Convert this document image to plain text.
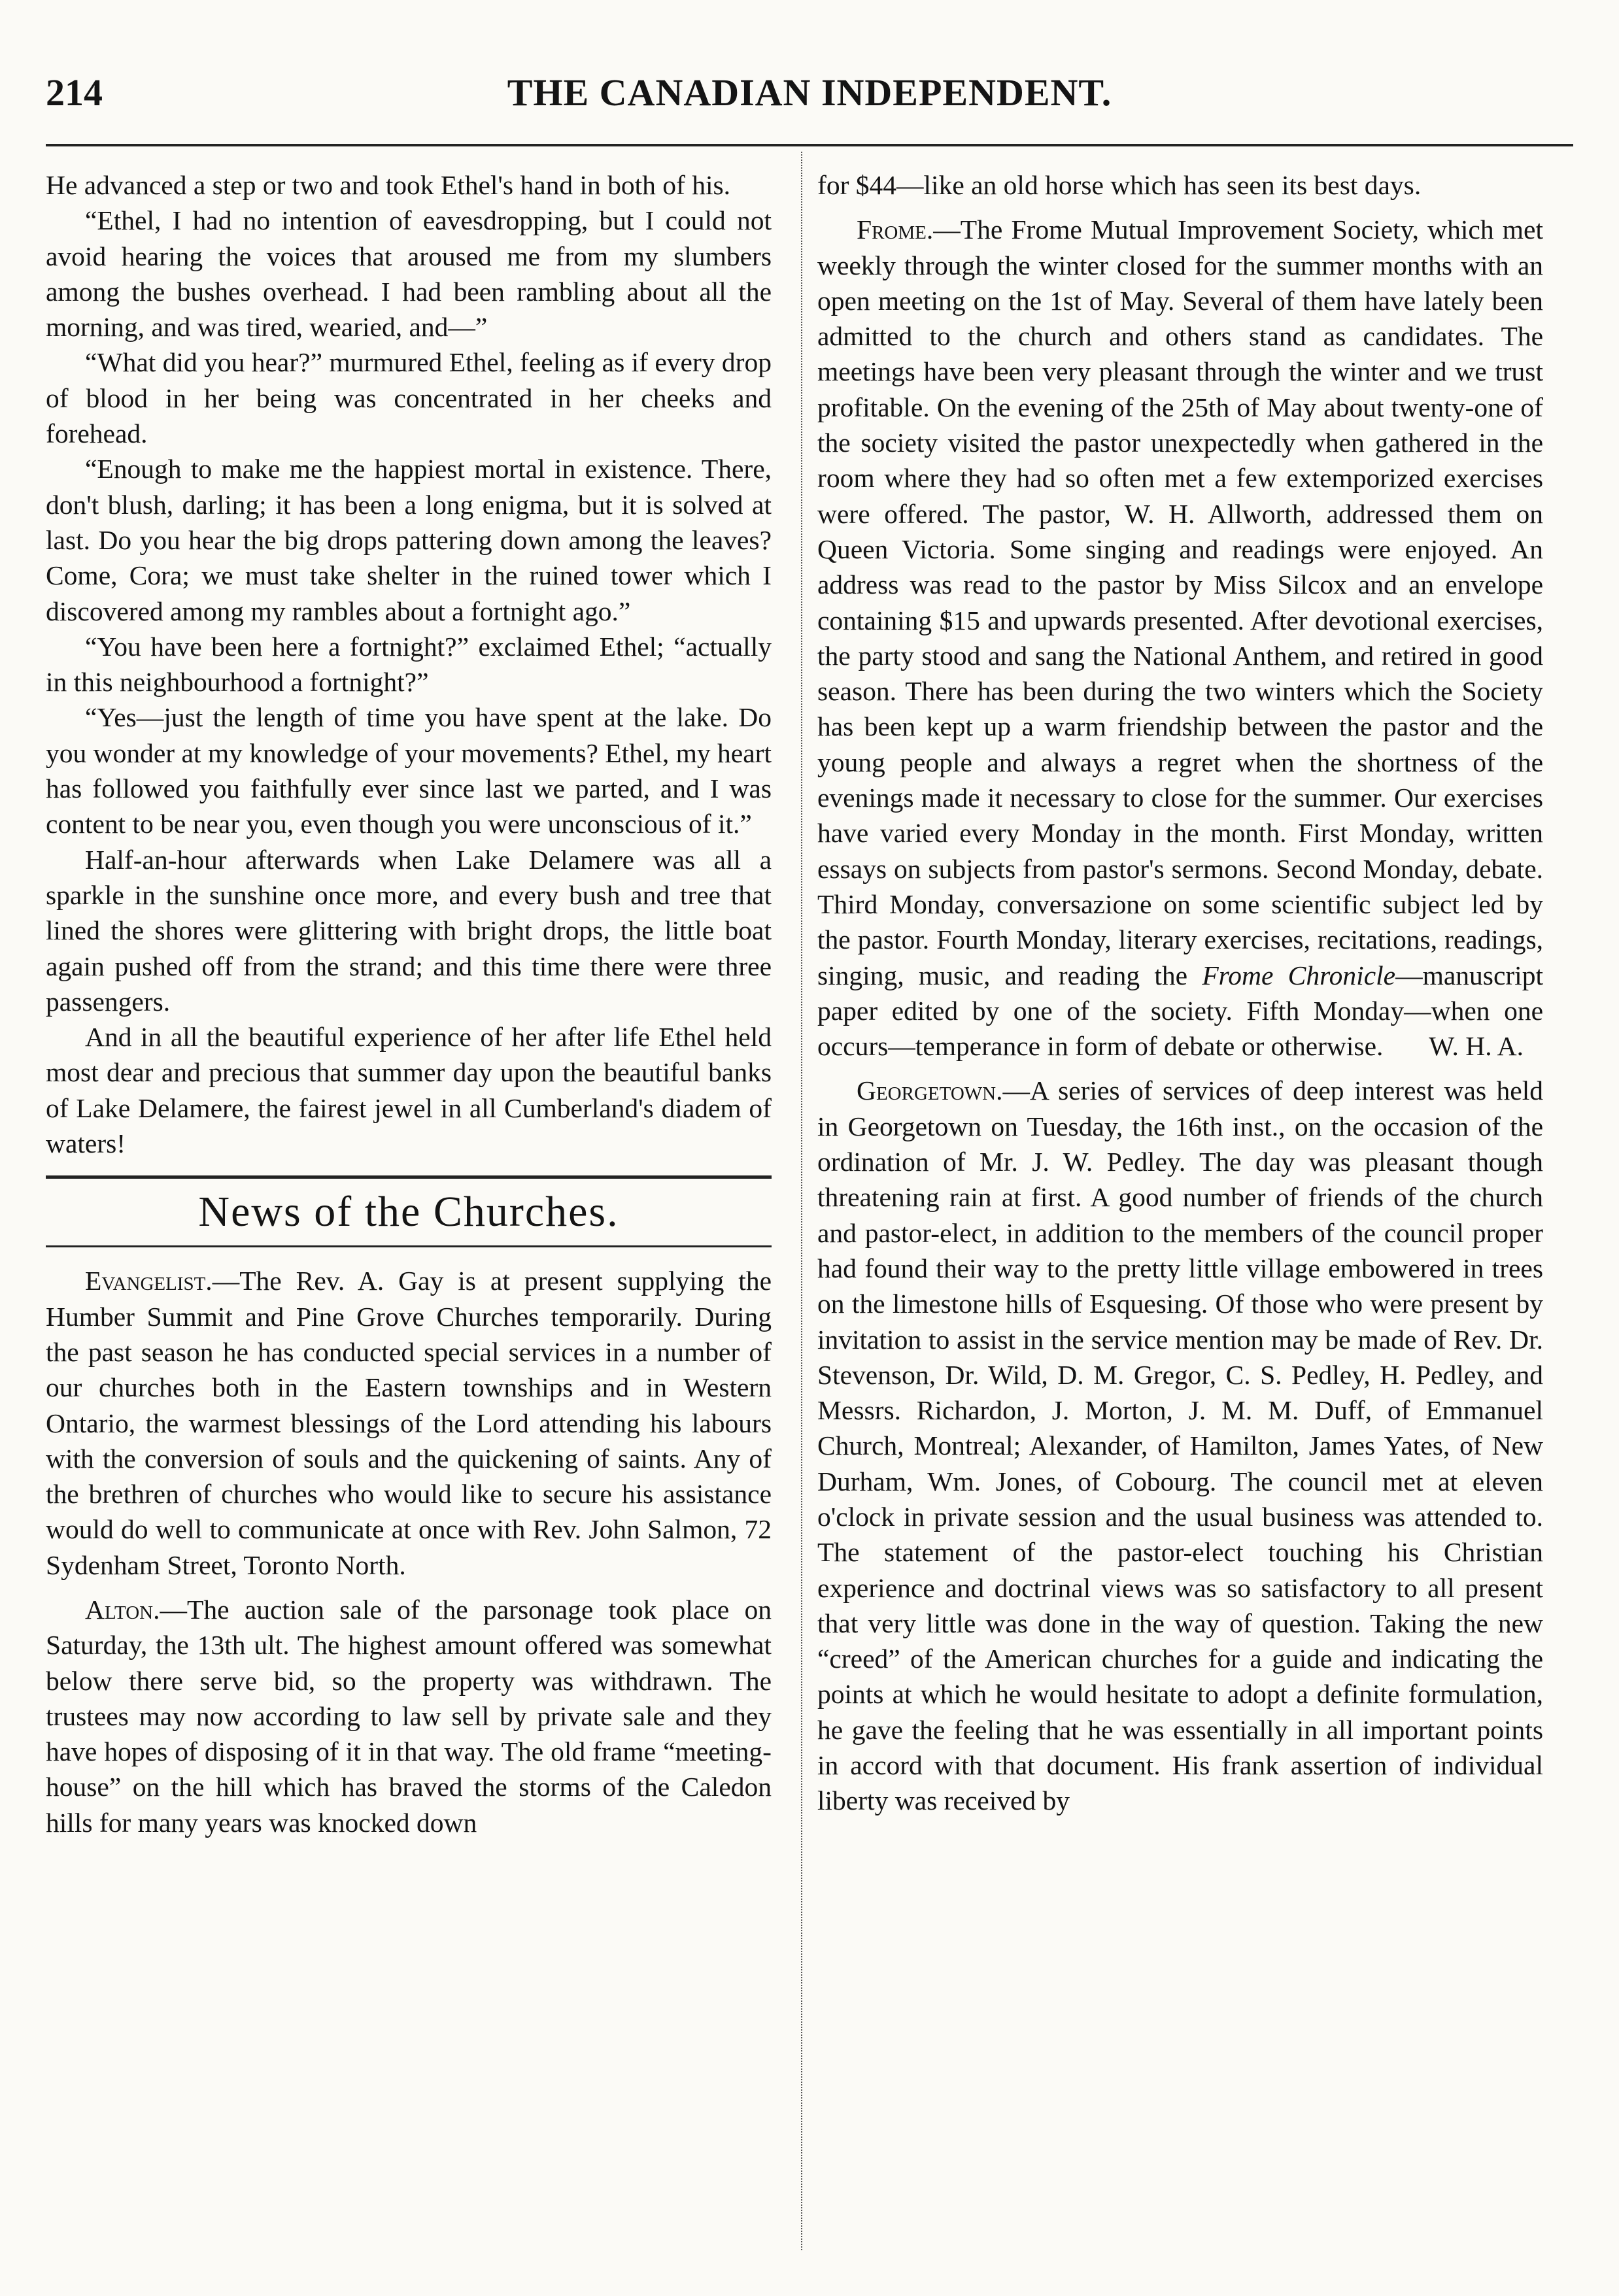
214	THE CANADIAN INDEPENDENT.

He advanced a step or two and took Ethel's hand in both of his.

“Ethel, I had no intention of eavesdropping, but I could not avoid hearing the voices that aroused me from my slumbers among the bushes overhead. I had been rambling about all the morning, and was tired, wearied, and—”

“What did you hear?” murmured Ethel, feeling as if every drop of blood in her being was concentrated in her cheeks and forehead.

“Enough to make me the happiest mortal in existence. There, don't blush, darling; it has been a long enigma, but it is solved at last. Do you hear the big drops pattering down among the leaves? Come, Cora; we must take shelter in the ruined tower which I discovered among my rambles about a fortnight ago.”

“You have been here a fortnight?” exclaimed Ethel; “actually in this neighbourhood a fortnight?”

“Yes—just the length of time you have spent at the lake. Do you wonder at my knowledge of your movements? Ethel, my heart has followed you faithfully ever since last we parted, and I was content to be near you, even though you were unconscious of it.”

Half-an-hour afterwards when Lake Delamere was all a sparkle in the sunshine once more, and every bush and tree that lined the shores were glittering with bright drops, the little boat again pushed off from the strand; and this time there were three passengers.

And in all the beautiful experience of her after life Ethel held most dear and precious that summer day upon the beautiful banks of Lake Delamere, the fairest jewel in all Cumberland's diadem of waters!

News of the Churches.

Evangelist.—The Rev. A. Gay is at present supplying the Humber Summit and Pine Grove Churches temporarily. During the past season he has conducted special services in a number of our churches both in the Eastern townships and in Western Ontario, the warmest blessings of the Lord attending his labours with the conversion of souls and the quickening of saints. Any of the brethren of churches who would like to secure his assistance would do well to communicate at once with Rev. John Salmon, 72 Sydenham Street, Toronto North.

Alton.—The auction sale of the parsonage took place on Saturday, the 13th ult. The highest amount offered was somewhat below there serve bid, so the property was withdrawn. The trustees may now according to law sell by private sale and they have hopes of disposing of it in that way. The old frame “meeting-house” on the hill which has braved the storms of the Caledon hills for many years was knocked down

for $44—like an old horse which has seen its best days.

Frome.—The Frome Mutual Improvement Society, which met weekly through the winter closed for the summer months with an open meeting on the 1st of May. Several of them have lately been admitted to the church and others stand as candidates. The meetings have been very pleasant through the winter and we trust profitable. On the evening of the 25th of May about twenty-one of the society visited the pastor unexpectedly when gathered in the room where they had so often met a few extemporized exercises were offered. The pastor, W. H. Allworth, addressed them on Queen Victoria. Some singing and readings were enjoyed. An address was read to the pastor by Miss Silcox and an envelope containing $15 and upwards presented. After devotional exercises, the party stood and sang the National Anthem, and retired in good season. There has been during the two winters which the Society has been kept up a warm friendship between the pastor and the young people and always a regret when the shortness of the evenings made it necessary to close for the summer. Our exercises have varied every Monday in the month. First Monday, written essays on subjects from pastor's sermons. Second Monday, debate. Third Monday, conversazione on some scientific subject led by the pastor. Fourth Monday, literary exercises, recitations, readings, singing, music, and reading the Frome Chronicle—manuscript paper edited by one of the society. Fifth Monday—when one occurs—temperance in form of debate or otherwise.	W. H. A.

Georgetown.—A series of services of deep interest was held in Georgetown on Tuesday, the 16th inst., on the occasion of the ordination of Mr. J. W. Pedley. The day was pleasant though threatening rain at first. A good number of friends of the church and pastor-elect, in addition to the members of the council proper had found their way to the pretty little village embowered in trees on the limestone hills of Esquesing. Of those who were present by invitation to assist in the service mention may be made of Rev. Dr. Stevenson, Dr. Wild, D. M. Gregor, C. S. Pedley, H. Pedley, and Messrs. Richardon, J. Morton, J. M. M. Duff, of Emmanuel Church, Montreal; Alexander, of Hamilton, James Yates, of New Durham, Wm. Jones, of Cobourg. The council met at eleven o'clock in private session and the usual business was attended to. The statement of the pastor-elect touching his Christian experience and doctrinal views was so satisfactory to all present that very little was done in the way of question. Taking the new “creed” of the American churches for a guide and indicating the points at which he would hesitate to adopt a definite formulation, he gave the feeling that he was essentially in all important points in accord with that document. His frank assertion of individual liberty was received by
